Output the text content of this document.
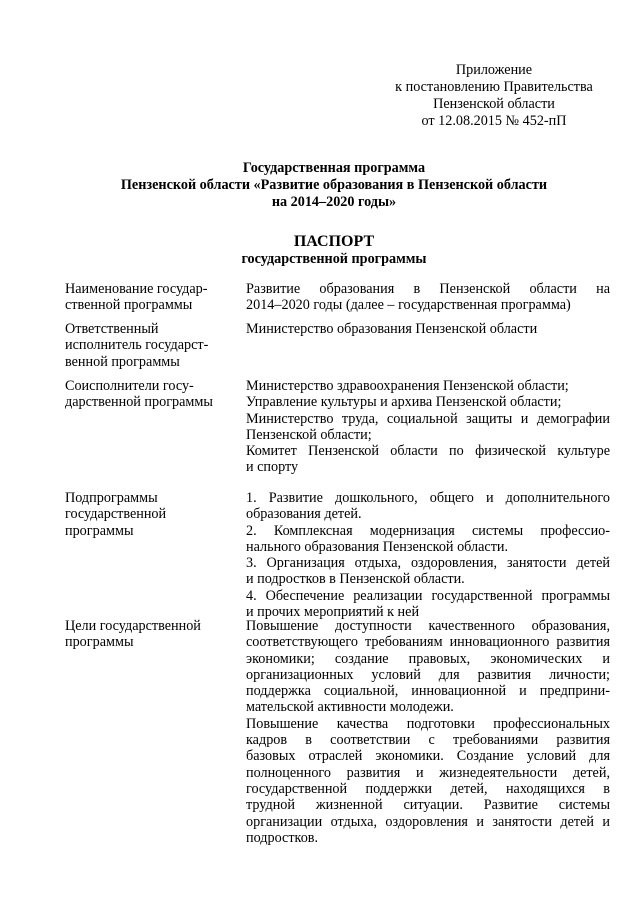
Приложение
к постановлению Правительства
Пензенской области
от 12.08.2015 № 452-пП
Государственная программа
Пензенской области «Развитие образования в Пензенской области
на 2014–2020 годы»
ПАСПОРТ
государственной программы
Наименование государ-
ственной программы
Развитие образования в Пензенской области на
2014–2020 годы (далее – государственная программа)
Ответственный
исполнитель государст-
венной программы
Министерство образования Пензенской области
Соисполнители госу-
дарственной программы
Министерство здравоохранения Пензенской области;
Управление культуры и архива Пензенской области;
Министерство труда, социальной защиты и демографии
Пензенской области;
Комитет Пензенской области по физической культуре
и спорту
Подпрограммы
государственной
программы
1. Развитие дошкольного, общего и дополнительного
образования детей.
2. Комплексная модернизация системы профессио-
нального образования Пензенской области.
3. Организация отдыха, оздоровления, занятости детей
и подростков в Пензенской области.
4. Обеспечение реализации государственной программы
и прочих мероприятий к ней
Цели государственной
программы
Повышение доступности качественного образования,
соответствующего требованиям инновационного развития
экономики; создание правовых, экономических и
организационных условий для развития личности;
поддержка социальной, инновационной и предприни-
мательской активности молодежи.
Повышение качества подготовки профессиональных
кадров в соответствии с требованиями развития
базовых отраслей экономики. Создание условий для
полноценного развития и жизнедеятельности детей,
государственной поддержки детей, находящихся в
трудной жизненной ситуации. Развитие системы
организации отдыха, оздоровления и занятости детей и
подростков.
